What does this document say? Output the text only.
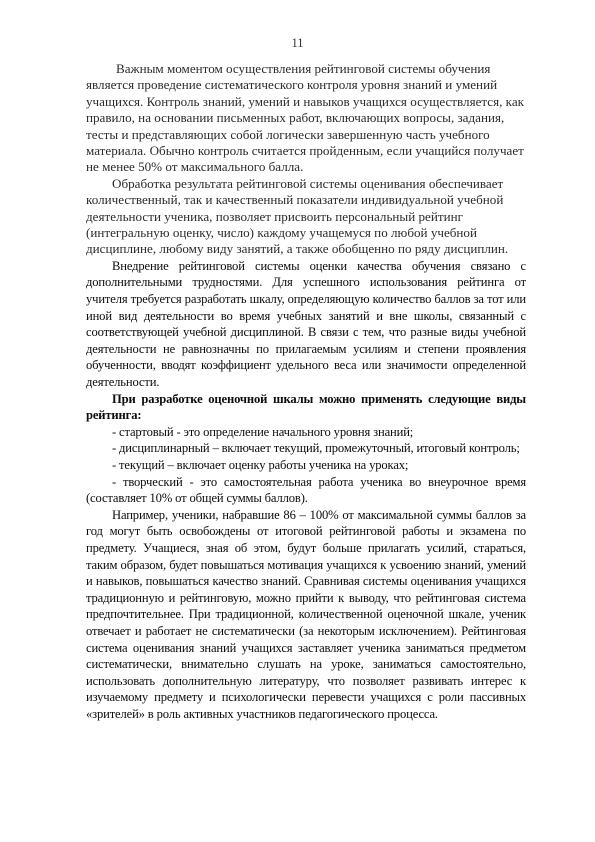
11

Важным моментом осуществления рейтинговой системы обучения является проведение систематического контроля уровня знаний и умений учащихся. Контроль знаний, умений и навыков учащихся осуществляется, как правило, на основании письменных работ, включающих вопросы, задания, тесты и представляющих собой логически завершенную часть учебного материала. Обычно контроль считается пройденным, если учащийся получает не менее 50% от максимального балла.

Обработка результата рейтинговой системы оценивания обеспечивает количественный, так и качественный показатели индивидуальной учебной деятельности ученика, позволяет присвоить персональный рейтинг (интегральную оценку, число) каждому учащемуся по любой учебной дисциплине, любому виду занятий, а также обобщенно по ряду дисциплин.

Внедрение рейтинговой системы оценки качества обучения связано с дополнительными трудностями. Для успешного использования рейтинга от учителя требуется разработать шкалу, определяющую количество баллов за тот или иной вид деятельности во время учебных занятий и вне школы, связанный с соответствующей учебной дисциплиной. В связи с тем, что разные виды учебной деятельности не равнозначны по прилагаемым усилиям и степени проявления обученности, вводят коэффициент удельного веса или значимости определенной деятельности.

При разработке оценочной шкалы можно применять следующие виды рейтинга:

- стартовый - это определение начального уровня знаний;

- дисциплинарный – включает текущий, промежуточный, итоговый контроль;

- текущий – включает оценку работы ученика на уроках;

- творческий - это самостоятельная работа ученика во внеурочное время (составляет 10% от общей суммы баллов).

Например, ученики, набравшие 86 – 100% от максимальной суммы баллов за год могут быть освобождены от итоговой рейтинговой работы и экзамена по предмету. Учащиеся, зная об этом, будут больше прилагать усилий, стараться, таким образом, будет повышаться мотивация учащихся к усвоению знаний, умений и навыков, повышаться качество знаний. Сравнивая системы оценивания учащихся традиционную и рейтинговую, можно прийти к выводу, что рейтинговая система предпочтительнее. При традиционной, количественной оценочной шкале, ученик отвечает и работает не систематически (за некоторым исключением). Рейтинговая система оценивания знаний учащихся заставляет ученика заниматься предметом систематически, внимательно слушать на уроке, заниматься самостоятельно, использовать дополнительную литературу, что позволяет развивать интерес к изучаемому предмету и психологически перевести учащихся с роли пассивных «зрителей» в роль активных участников педагогического процесса.
